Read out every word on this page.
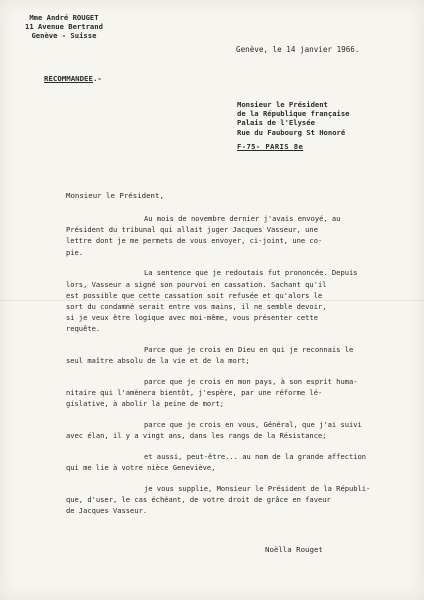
Mme André ROUGET
11 Avenue Bertrand
Genève - Suisse
Genève, le 14 janvier 1966.
RECOMMANDEE.-
Monsieur le Président
de la République française
Palais de l'Elysée
Rue du Faubourg St Honoré
F-75- PARIS 8e
Monsieur le Président,
Au mois de novembre dernier j'avais envoyé, au
Président du tribunal qui allait juger Jacques Vasseur, une
lettre dont je me permets de vous envoyer, ci-joint, une co-
pie.
La sentence que je redoutais fut prononcée. Depuis
lors, Vasseur a signé son pourvoi en cassation. Sachant qu'il
est possible que cette cassation soit refusée et qu'alors le
sort du condamné serait entre vos mains, il ne semble devoir,
si je veux être logique avec moi-même, vous présenter cette
requête.
Parce que je crois en Dieu en qui je reconnais le
seul maître absolu de la vie et de la mort;
parce que je crois en mon pays, à son esprit huma-
nitaire qui l'amènera bientôt, j'espère, par une réforme lé-
gislative, à abolir la peine de mort;
parce que je crois en vous, Général, que j'ai suivi
avec élan, il y a vingt ans, dans les rangs de la Résistance;
et aussi, peut-être... au nom de la grande affection
qui me lie à votre nièce Geneviève,
je vous supplie, Monsieur le Président de la Républi-
que, d'user, le cas échéant, de votre droit de grâce en faveur
de Jacques Vasseur.
Noëlla Rouget
